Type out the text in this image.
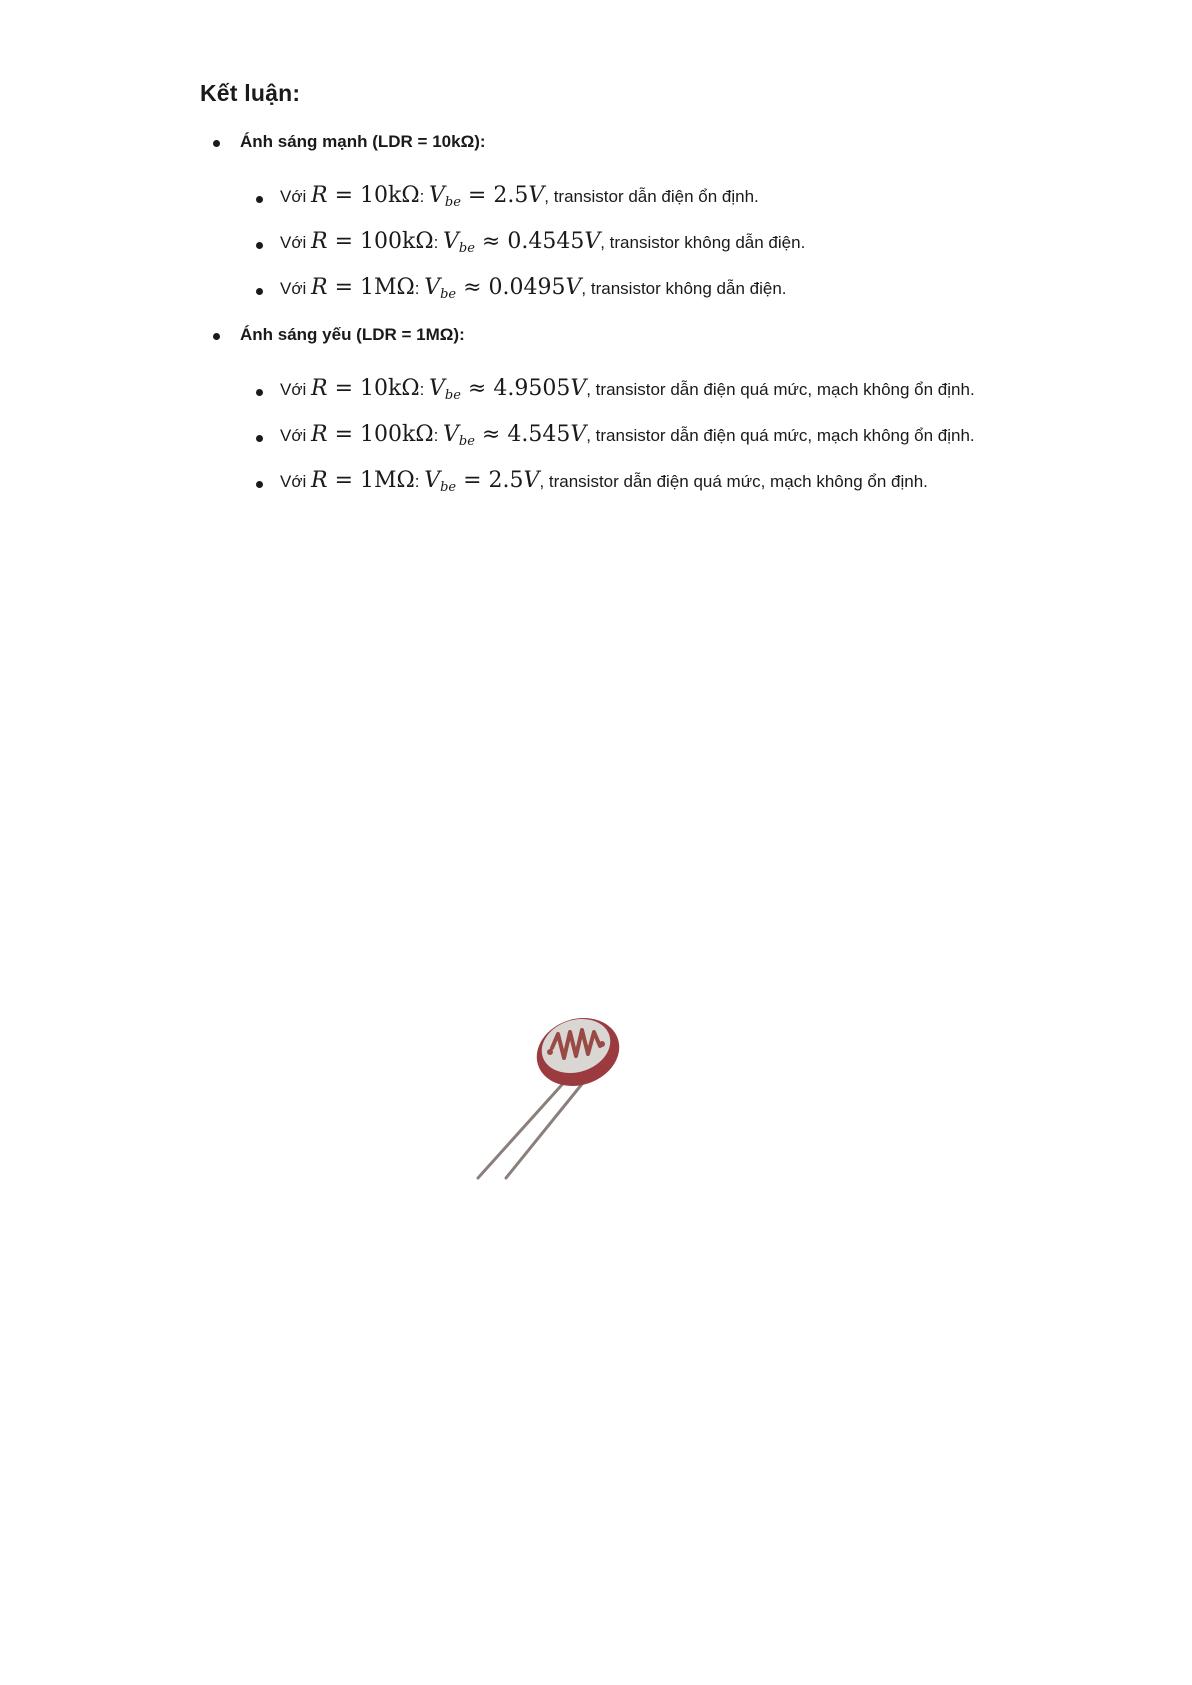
Kết luận:
Ánh sáng mạnh (LDR = 10kΩ):
Với R = 10kΩ: $V_{be} = 2.5V$, transistor dẫn điện ổn định.
Với R = 100kΩ: $V_{be} \approx 0.4545V$, transistor không dẫn điện.
Với R = 1MΩ: $V_{be} \approx 0.0495V$, transistor không dẫn điện.
Ánh sáng yếu (LDR = 1MΩ):
Với R = 10kΩ: $V_{be} \approx 4.9505V$, transistor dẫn điện quá mức, mạch không ổn định.
Với R = 100kΩ: $V_{be} \approx 4.545V$, transistor dẫn điện quá mức, mạch không ổn định.
Với R = 1MΩ: $V_{be} = 2.5V$, transistor dẫn điện quá mức, mạch không ổn định.
